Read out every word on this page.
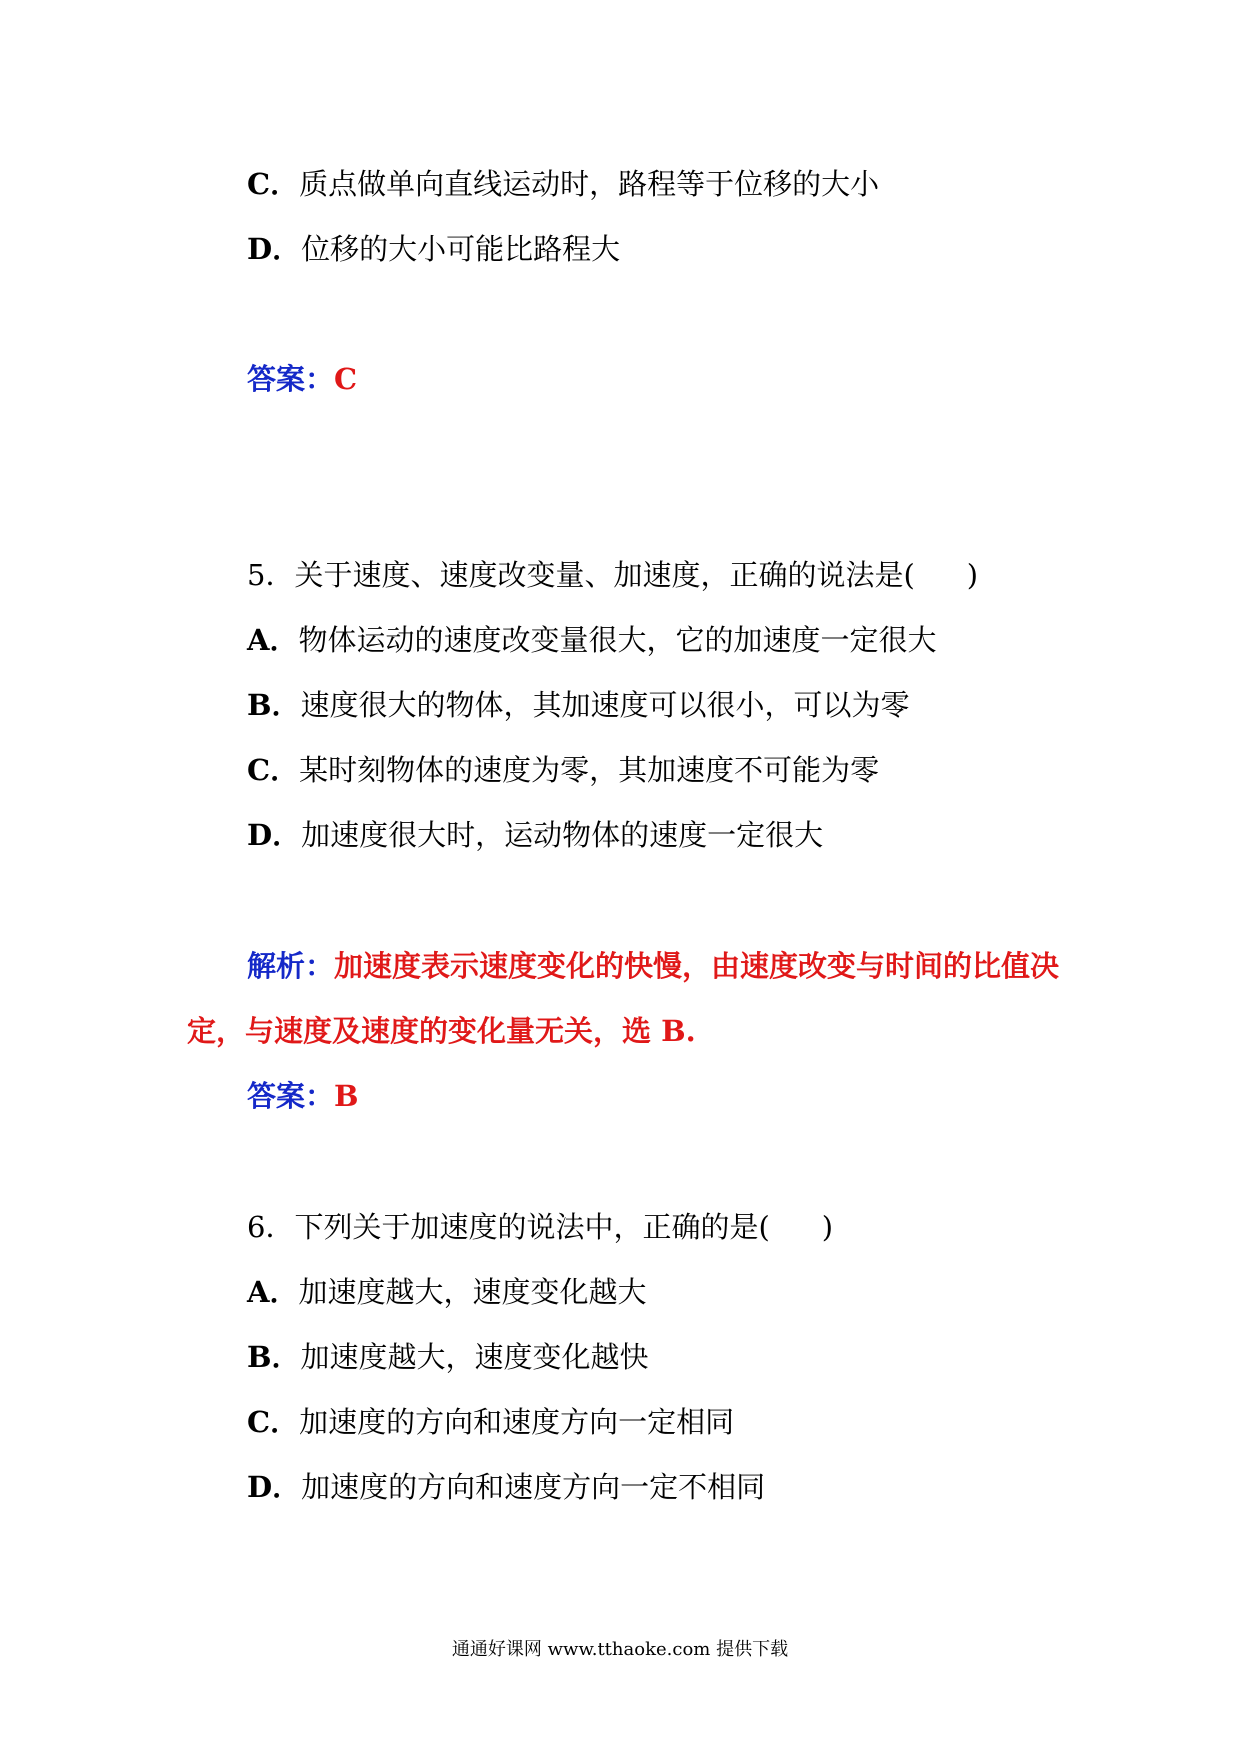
C．质点做单向直线运动时，路程等于位移的大小
D．位移的大小可能比路程大
答案：C
5．关于速度、速度改变量、加速度，正确的说法是( )
A．物体运动的速度改变量很大，它的加速度一定很大
B．速度很大的物体，其加速度可以很小，可以为零
C．某时刻物体的速度为零，其加速度不可能为零
D．加速度很大时，运动物体的速度一定很大
解析：加速度表示速度变化的快慢，由速度改变与时间的比值决
定，与速度及速度的变化量无关，选 B.
答案：B
6．下列关于加速度的说法中，正确的是( )
A．加速度越大，速度变化越大
B．加速度越大，速度变化越快
C．加速度的方向和速度方向一定相同
D．加速度的方向和速度方向一定不相同
通通好课网 www.tthaoke.com 提供下载
